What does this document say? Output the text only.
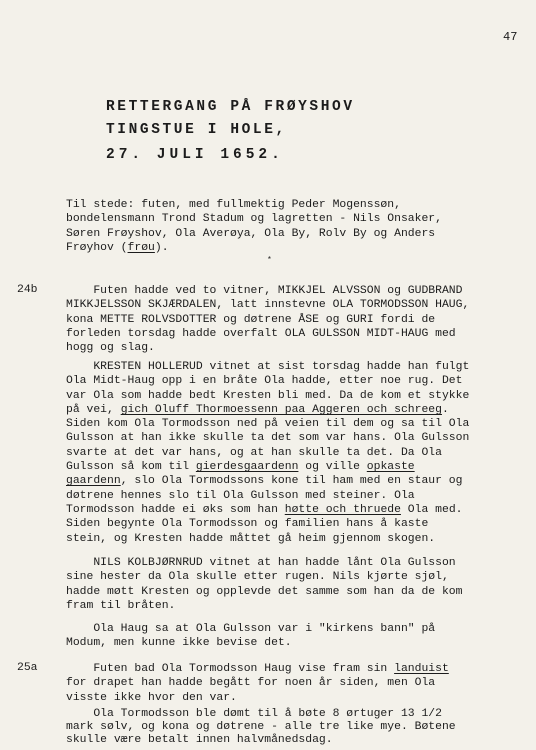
47
RETTERGANG PÅ FRØYSHOV
TINGSTUE I HOLE,
27. JULI 1652.
Til stede: futen, med fullmektig Peder Mogenssøn,
bondelensmann Trond Stadum og lagretten - Nils Onsaker,
Søren Frøyshov, Ola Averøya, Ola By, Rolv By og Anders
Frøyhov (frøu).
*
24b Futen hadde ved to vitner, MIKKJEL ALVSSON og GUDBRAND
MIKKJELSSON SKJÆRDALEN, latt innstevne OLA TORMODSSON HAUG,
kona METTE ROLVSDOTTER og døtrene ÅSE og GURI fordi de
forleden torsdag hadde overfalt OLA GULSSON MIDT-HAUG med
hogg og slag.
KRESTEN HOLLERUD vitnet at sist torsdag hadde han fulgt
Ola Midt-Haug opp i en bråte Ola hadde, etter noe rug. Det
var Ola som hadde bedt Kresten bli med. Da de kom et stykke
på vei, gich Oluff Thormoessenn paa Aggeren och schreeg.
Siden kom Ola Tormodsson ned på veien til dem og sa til Ola
Gulsson at han ikke skulle ta det som var hans. Ola Gulsson
svarte at det var hans, og at han skulle ta det. Da Ola
Gulsson så kom til gierdesgaardenn og ville opkaste
gaardenn, slo Ola Tormodssons kone til ham med en staur og
døtrene hennes slo til Ola Gulsson med steiner. Ola
Tormodsson hadde ei øks som han høtte och thruede Ola med.
Siden begynte Ola Tormodsson og familien hans å kaste
stein, og Kresten hadde måttet gå heim gjennom skogen.
NILS KOLBJØRNRUD vitnet at han hadde lånt Ola Gulsson
sine hester da Ola skulle etter rugen. Nils kjørte sjøl,
hadde møtt Kresten og opplevde det samme som han da de kom
fram til bråten.
Ola Haug sa at Ola Gulsson var i "kirkens bann" på
Modum, men kunne ikke bevise det.
25a Futen bad Ola Tormodsson Haug vise fram sin landuist
for drapet han hadde begått for noen år siden, men Ola
visste ikke hvor den var.
Ola Tormodsson ble dømt til å bøte 8 ørtuger 13 1/2
mark sølv, og kona og døtrene - alle tre like mye. Bøtene
skulle være betalt innen halvmånedsdag.
